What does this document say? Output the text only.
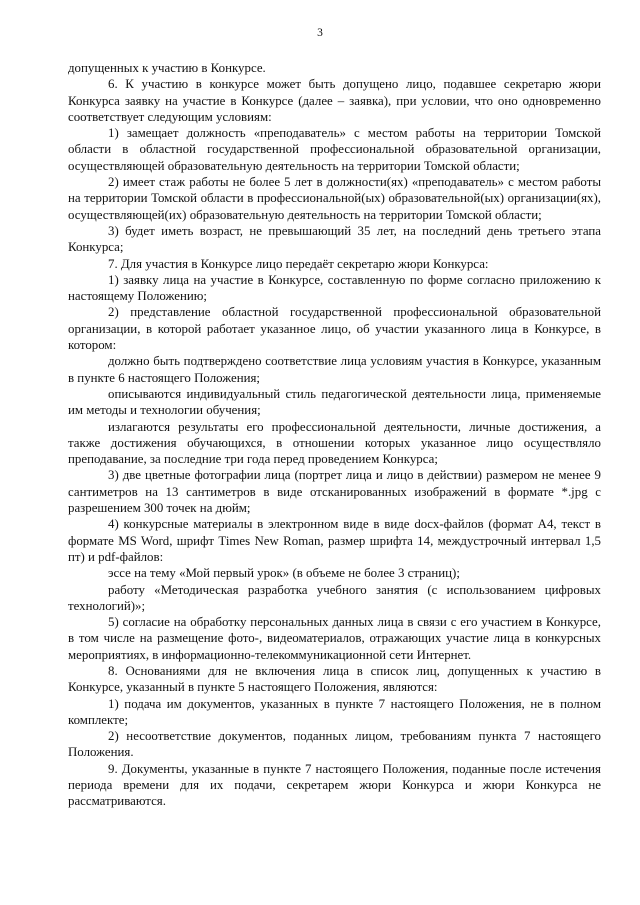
3

допущенных к участию в Конкурсе.

6. К участию в конкурсе может быть допущено лицо, подавшее секретарю жюри Конкурса заявку на участие в Конкурсе (далее – заявка), при условии, что оно одновременно соответствует следующим условиям:

1) замещает должность «преподаватель» с местом работы на территории Томской области в областной государственной профессиональной образовательной организации, осуществляющей образовательную деятельность на территории Томской области;

2) имеет стаж работы не более 5 лет в должности(ях) «преподаватель» с местом работы на территории Томской области в профессиональной(ых) образовательной(ых) организации(ях), осуществляющей(их) образовательную деятельность на территории Томской области;

3) будет иметь возраст, не превышающий 35 лет, на последний день третьего этапа Конкурса;

7. Для участия в Конкурсе лицо передаёт секретарю жюри Конкурса:

1) заявку лица на участие в Конкурсе, составленную по форме согласно приложению к настоящему Положению;

2) представление областной государственной профессиональной образовательной организации, в которой работает указанное лицо, об участии указанного лица в Конкурсе, в котором:

должно быть подтверждено соответствие лица условиям участия в Конкурсе, указанным в пункте 6 настоящего Положения;

описываются индивидуальный стиль педагогической деятельности лица, применяемые им методы и технологии обучения;

излагаются результаты его профессиональной деятельности, личные достижения, а также достижения обучающихся, в отношении которых указанное лицо осуществляло преподавание, за последние три года перед проведением Конкурса;

3) две цветные фотографии лица (портрет лица и лицо в действии) размером не менее 9 сантиметров на 13 сантиметров в виде отсканированных изображений в формате *.jpg с разрешением 300 точек на дюйм;

4) конкурсные материалы в электронном виде в виде docx-файлов (формат А4, текст в формате MS Word, шрифт Times New Roman, размер шрифта 14, междустрочный интервал 1,5 пт) и pdf-файлов:

эссе на тему «Мой первый урок» (в объеме не более 3 страниц);

работу «Методическая разработка учебного занятия (с использованием цифровых технологий)»;

5) согласие на обработку персональных данных лица в связи с его участием в Конкурсе, в том числе на размещение фото-, видеоматериалов, отражающих участие лица в конкурсных мероприятиях, в информационно-телекоммуникационной сети Интернет.

8. Основаниями для не включения лица в список лиц, допущенных к участию в Конкурсе, указанный в пункте 5 настоящего Положения, являются:

1) подача им документов, указанных в пункте 7 настоящего Положения, не в полном комплекте;

2) несоответствие документов, поданных лицом, требованиям пункта 7 настоящего Положения.

9. Документы, указанные в пункте 7 настоящего Положения, поданные после истечения периода времени для их подачи, секретарем жюри Конкурса и жюри Конкурса не рассматриваются.
